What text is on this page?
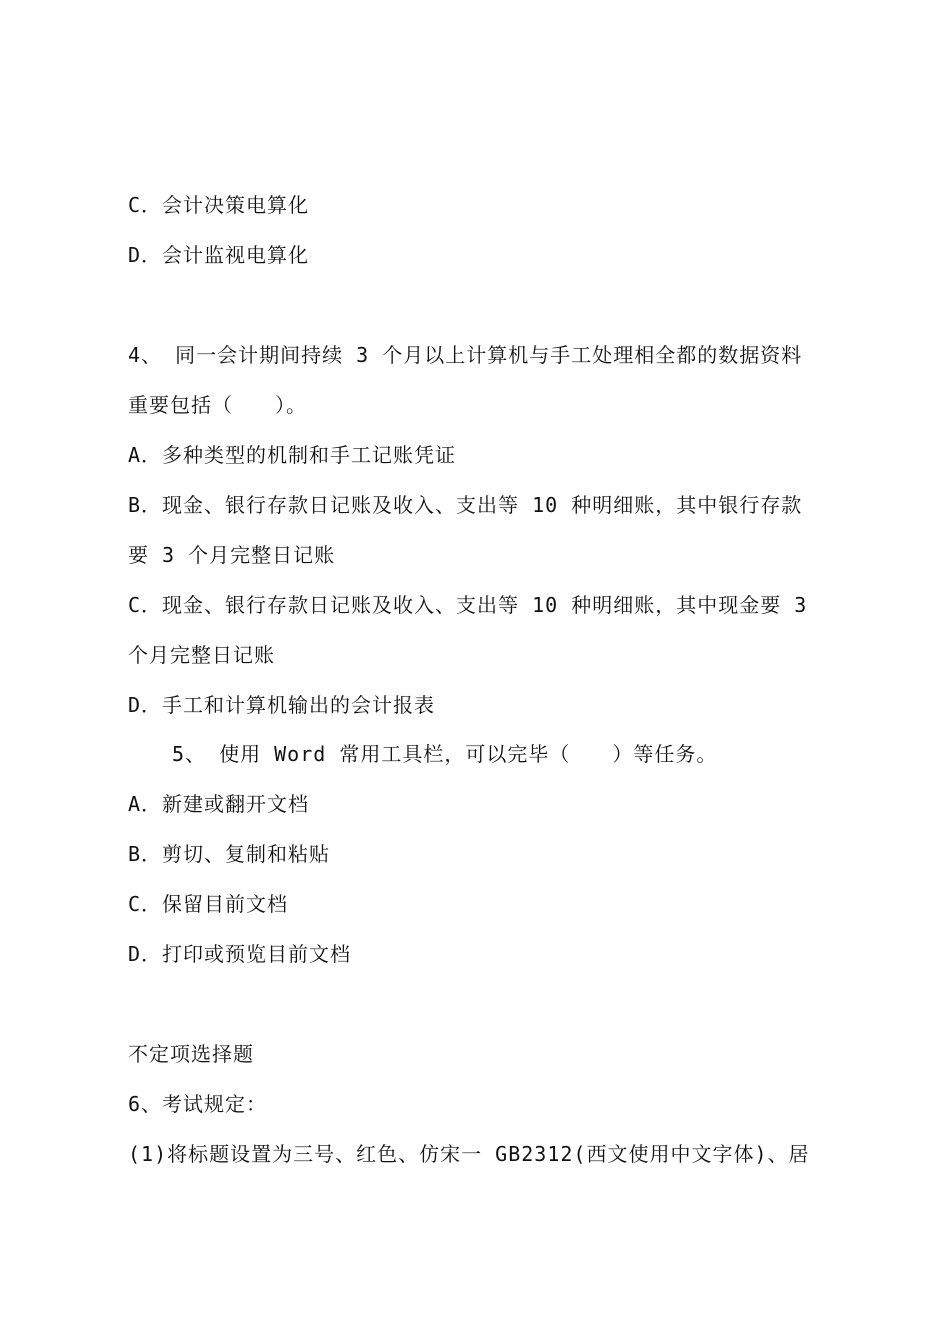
C．会计决策电算化
D．会计监视电算化
4、 同一会计期间持续 3 个月以上计算机与手工处理相全都的数据资料
重要包括（　　）。
A．多种类型的机制和手工记账凭证
B．现金、银行存款日记账及收入、支出等 10 种明细账，其中银行存款
要 3 个月完整日记账
C．现金、银行存款日记账及收入、支出等 10 种明细账，其中现金要 3
个月完整日记账
D．手工和计算机输出的会计报表
5、 使用 Word 常用工具栏，可以完毕（　　）等任务。
A．新建或翻开文档
B．剪切、复制和粘贴
C．保留目前文档
D．打印或预览目前文档
不定项选择题
6、考试规定：
(1)将标题设置为三号、红色、仿宋一 GB2312(西文使用中文字体)、居
